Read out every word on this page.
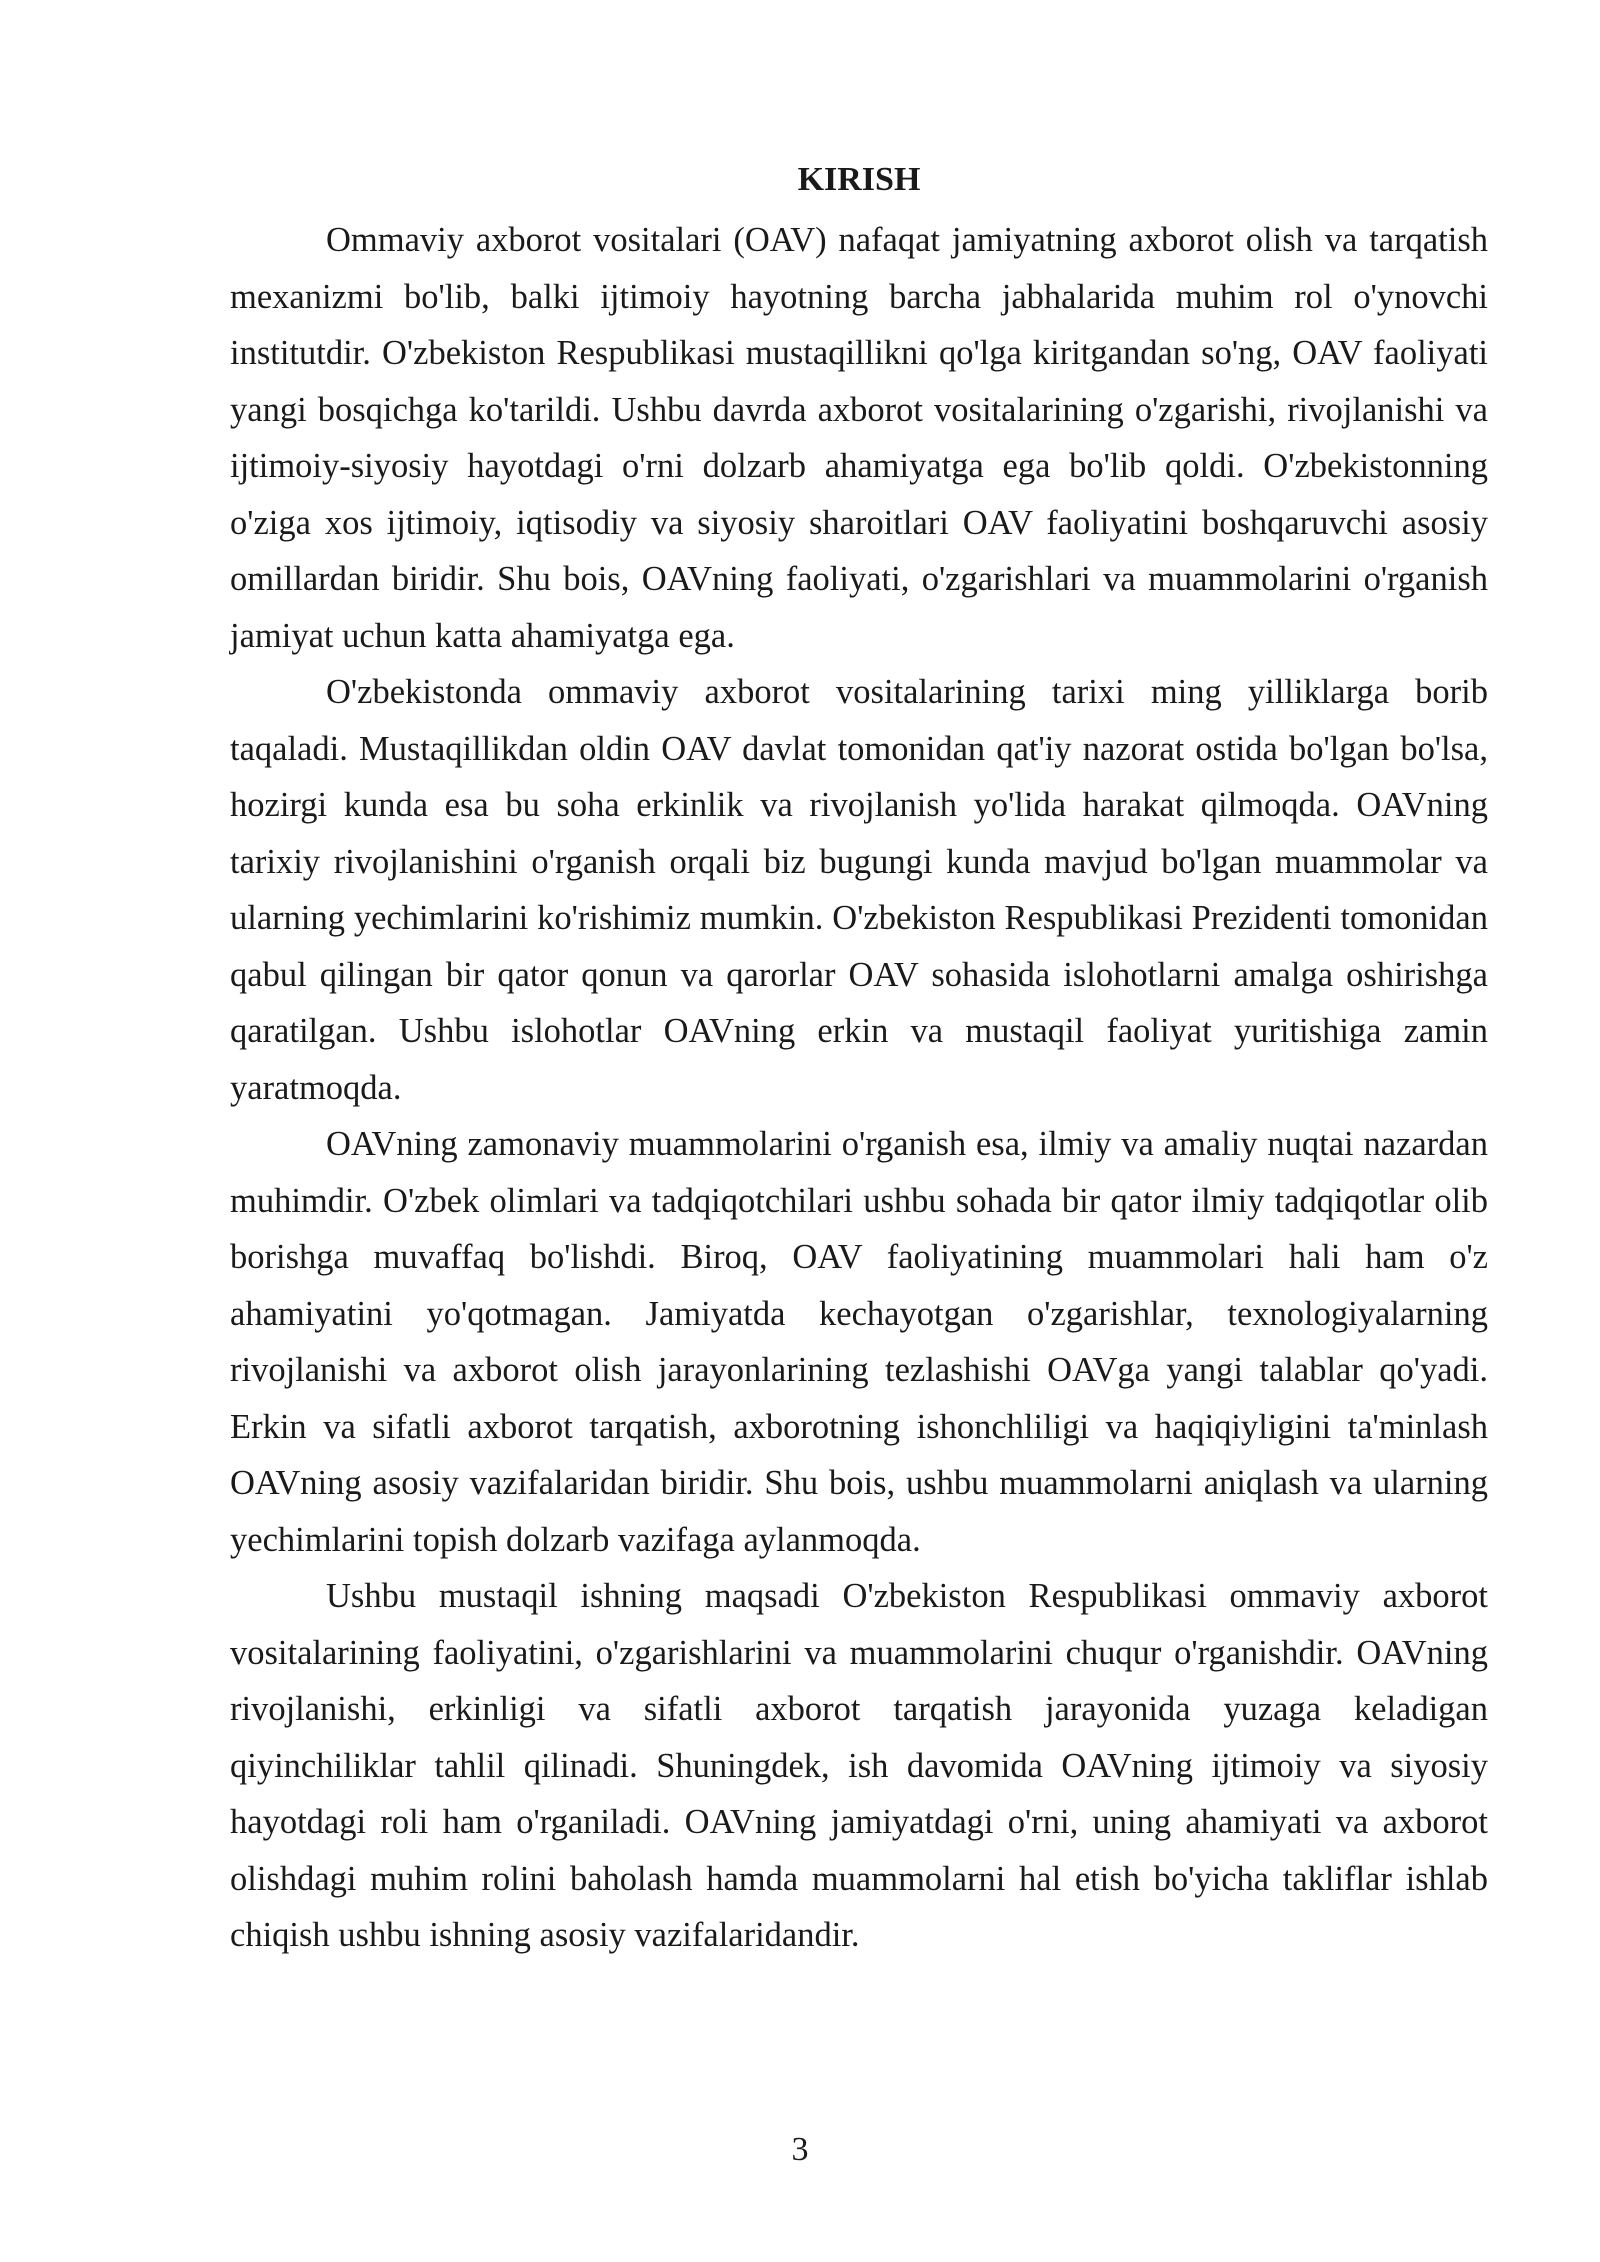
KIRISH

Ommaviy axborot vositalari (OAV) nafaqat jamiyatning axborot olish va tarqatish mexanizmi bo'lib, balki ijtimoiy hayotning barcha jabhalarida muhim rol o'ynovchi institutdir. O'zbekiston Respublikasi mustaqillikni qo'lga kiritgandan so'ng, OAV faoliyati yangi bosqichga ko'tarildi. Ushbu davrda axborot vositalarining o'zgarishi, rivojlanishi va ijtimoiy-siyosiy hayotdagi o'rni dolzarb ahamiyatga ega bo'lib qoldi. O'zbekistonning o'ziga xos ijtimoiy, iqtisodiy va siyosiy sharoitlari OAV faoliyatini boshqaruvchi asosiy omillardan biridir. Shu bois, OAVning faoliyati, o'zgarishlari va muammolarini o'rganish jamiyat uchun katta ahamiyatga ega.

O'zbekistonda ommaviy axborot vositalarining tarixi ming yilliklarga borib taqaladi. Mustaqillikdan oldin OAV davlat tomonidan qat'iy nazorat ostida bo'lgan bo'lsa, hozirgi kunda esa bu soha erkinlik va rivojlanish yo'lida harakat qilmoqda. OAVning tarixiy rivojlanishini o'rganish orqali biz bugungi kunda mavjud bo'lgan muammolar va ularning yechimlarini ko'rishimiz mumkin. O'zbekiston Respublikasi Prezidenti tomonidan qabul qilingan bir qator qonun va qarorlar OAV sohasida islohotlarni amalga oshirishga qaratilgan. Ushbu islohotlar OAVning erkin va mustaqil faoliyat yuritishiga zamin yaratmoqda.

OAVning zamonaviy muammolarini o'rganish esa, ilmiy va amaliy nuqtai nazardan muhimdir. O'zbek olimlari va tadqiqotchilari ushbu sohada bir qator ilmiy tadqiqotlar olib borishga muvaffaq bo'lishdi. Biroq, OAV faoliyatining muammolari hali ham o'z ahamiyatini yo'qotmagan. Jamiyatda kechayotgan o'zgarishlar, texnologiyalarning rivojlanishi va axborot olish jarayonlarining tezlashishi OAVga yangi talablar qo'yadi. Erkin va sifatli axborot tarqatish, axborotning ishonchliligi va haqiqiyligini ta'minlash OAVning asosiy vazifalaridan biridir. Shu bois, ushbu muammolarni aniqlash va ularning yechimlarini topish dolzarb vazifaga aylanmoqda.

Ushbu mustaqil ishning maqsadi O'zbekiston Respublikasi ommaviy axborot vositalarining faoliyatini, o'zgarishlarini va muammolarini chuqur o'rganishdir. OAVning rivojlanishi, erkinligi va sifatli axborot tarqatish jarayonida yuzaga keladigan qiyinchiliklar tahlil qilinadi. Shuningdek, ish davomida OAVning ijtimoiy va siyosiy hayotdagi roli ham o'rganiladi. OAVning jamiyatdagi o'rni, uning ahamiyati va axborot olishdagi muhim rolini baholash hamda muammolarni hal etish bo'yicha takliflar ishlab chiqish ushbu ishning asosiy vazifalaridandir.

3
